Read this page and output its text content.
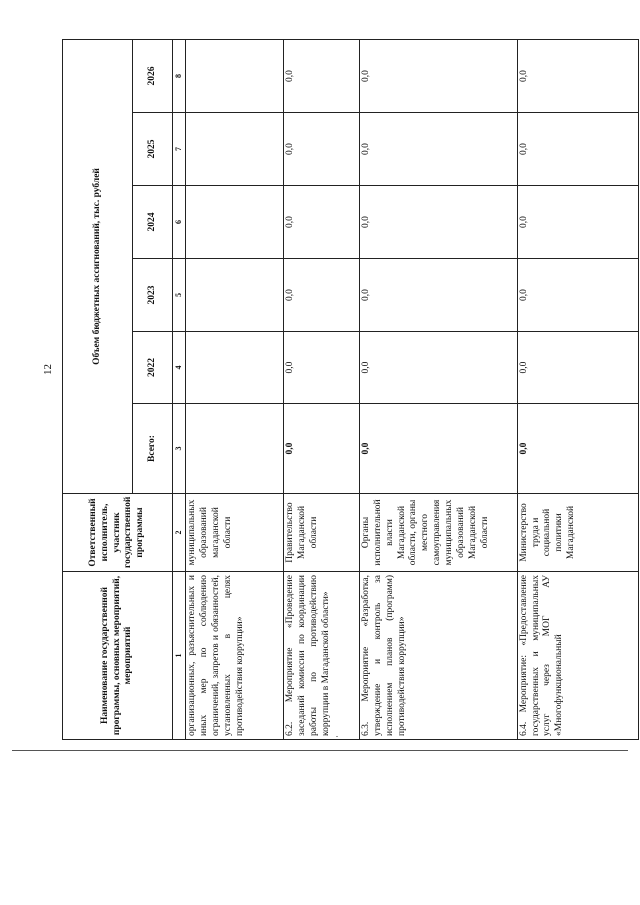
12
Наименование государственной программы, основных мероприятий, мероприятий	Ответственный исполнитель, участник государственной программы	Объем бюджетных ассигнований, тыс. рублей					
		Всего:	2022	2023	2024	2025	2026
1	2	3	4	5	6	7	8
организационных, разъяснительных и иных мер по соблюдению ограничений, запретов и обязанностей, установленных в целях противодействия коррупции»	муниципальных образований магаданской области						
6.2. Мероприятие «Проведение заседаний комиссии по координации работы по противодействию коррупции в Магаданской области»	Правительство Магаданской области	0,0	0,0	0,0	0,0	0,0	0,0
6.3. Мероприятие «Разработка, утверждение и контроль за исполнением планов (программ) противодействия коррупции»	Органы исполнительной власти Магаданской области, органы местного самоуправления муниципальных образований Магаданской области	0,0	0,0	0,0	0,0	0,0	0,0
6.4. Мероприятие: «Предоставление государственных и муниципальных услуг через МОГ АУ «Многофункциональный	Министерство труда и социальной политики Магаданской	0,0	0,0	0,0	0,0	0,0	0,0
